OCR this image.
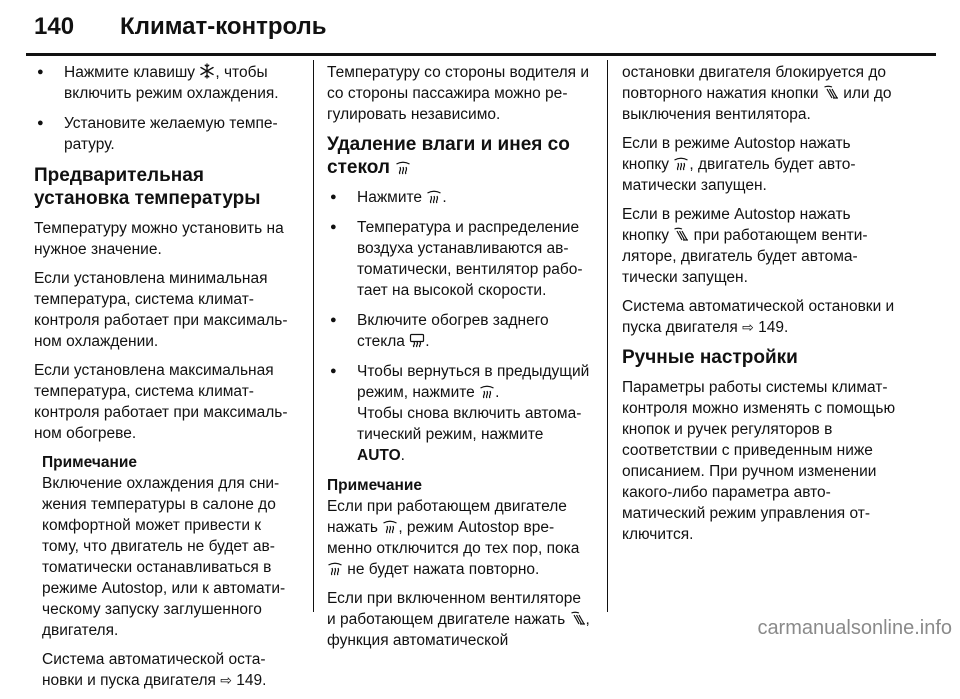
140 Климат-контроль
● Нажмите клавишу
, чтобы включить режим охлаждения.
● Установите желаемую температуру.
Предварительная установка температуры

Температуру можно установить на нужное значение.

Если установлена минимальная температура, система климат-контроля работает при максимальном охлаждении.

Если установлена максимальная температура, система климат-контроля работает при максимальном обогреве.

Примечание

Включение охлаждения для снижения температуры в салоне до комфортной может привести к тому, что двигатель не будет автоматически останавливаться в режиме Autostop, или к автоматическому запуску заглушенного двигателя.

Система автоматической остановки и пуска двигателя ⇨ 149.

Температуру со стороны водителя и со стороны пассажира можно регулировать независимо.

Удаление влаги и инея со стекол
● Нажмите
.
● Температура и распределение воздуха устанавливаются автоматически, вентилятор работает на высокой скорости.
● Включите обогрев заднего стекла
.

● Чтобы вернуться в предыдущий режим, нажмите
.

Чтобы снова включить автоматический режим, нажмите
AUTO.

Примечание

Если при работающем двигателе нажать
, режим Autostop временно отключится до тех пор, пока
не будет нажата повторно.

Если при включенном вентиляторе и работающем двигателе нажать
, функция автоматической

остановки двигателя блокируется до повторного нажатия кнопки
или до выключения вентилятора.

Если в режиме Autostop нажать кнопку
, двигатель будет автоматически запущен.

Если в режиме Autostop нажать кнопку
при работающем вентиляторе, двигатель будет автоматически запущен.

Система автоматической остановки и пуска двигателя ⇨ 149.

Ручные настройки

Параметры работы системы климат-контроля можно изменять с помощью кнопок и ручек регуляторов в соответствии с приведенным ниже описанием. При ручном изменении какого-либо параметра автоматический режим управления отключится.

carmanualsonline.info
